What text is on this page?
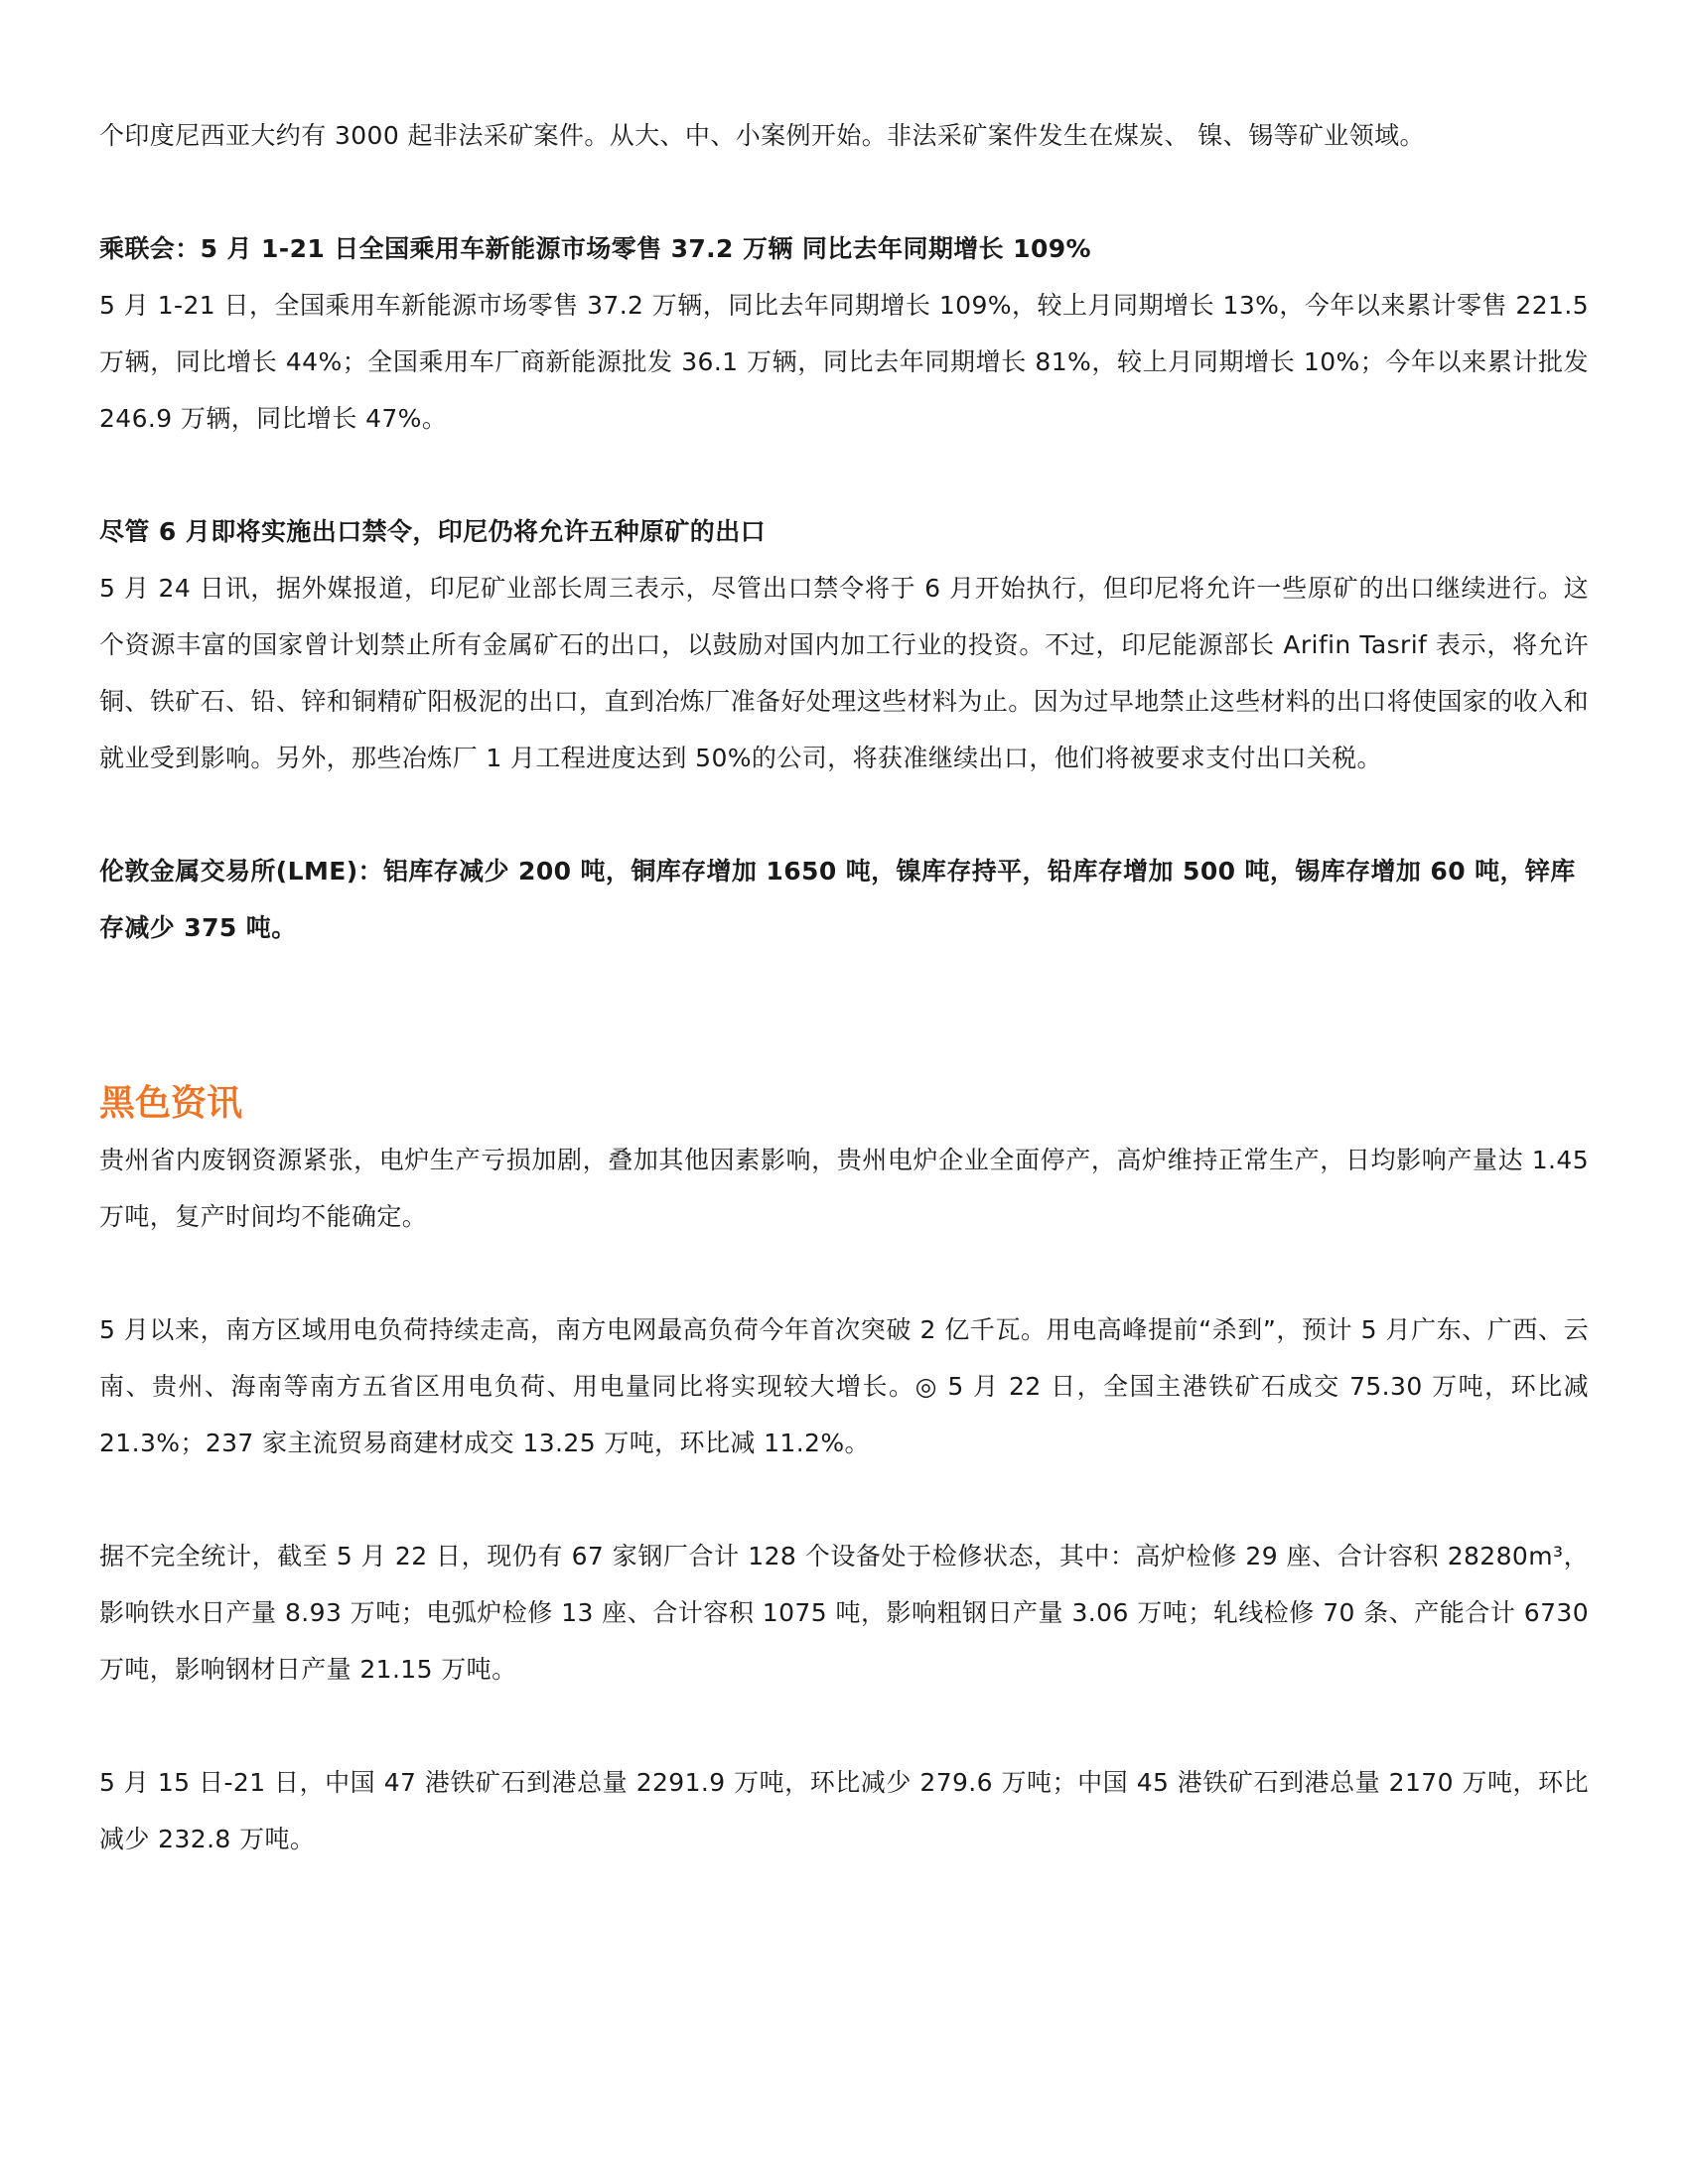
个印度尼西亚大约有 3000 起非法采矿案件。从大、中、小案例开始。非法采矿案件发生在煤炭、 镍、锡等矿业领域。

乘联会：5 月 1-21 日全国乘用车新能源市场零售 37.2 万辆 同比去年同期增长 109%

5 月 1-21 日，全国乘用车新能源市场零售 37.2 万辆，同比去年同期增长 109%，较上月同期增长 13%，今年以来累计零售 221.5 万辆，同比增长 44%；全国乘用车厂商新能源批发 36.1 万辆，同比去年同期增长 81%，较上月同期增长 10%；今年以来累计批发 246.9 万辆，同比增长 47%。

尽管 6 月即将实施出口禁令，印尼仍将允许五种原矿的出口

5 月 24 日讯，据外媒报道，印尼矿业部长周三表示，尽管出口禁令将于 6 月开始执行，但印尼将允许一些原矿的出口继续进行。这个资源丰富的国家曾计划禁止所有金属矿石的出口，以鼓励对国内加工行业的投资。不过，印尼能源部长 Arifin Tasrif 表示，将允许铜、铁矿石、铅、锌和铜精矿阳极泥的出口，直到冶炼厂准备好处理这些材料为止。因为过早地禁止这些材料的出口将使国家的收入和就业受到影响。另外，那些冶炼厂 1 月工程进度达到 50%的公司，将获准继续出口，他们将被要求支付出口关税。

伦敦金属交易所(LME)：铝库存减少 200 吨，铜库存增加 1650 吨，镍库存持平，铅库存增加 500 吨，锡库存增加 60 吨，锌库存减少 375 吨。

黑色资讯

贵州省内废钢资源紧张，电炉生产亏损加剧，叠加其他因素影响，贵州电炉企业全面停产，高炉维持正常生产，日均影响产量达 1.45 万吨，复产时间均不能确定。

5 月以来，南方区域用电负荷持续走高，南方电网最高负荷今年首次突破 2 亿千瓦。用电高峰提前“杀到”，预计 5 月广东、广西、云南、贵州、海南等南方五省区用电负荷、用电量同比将实现较大增长。◎ 5 月 22 日，全国主港铁矿石成交 75.30 万吨，环比减 21.3%；237 家主流贸易商建材成交 13.25 万吨，环比减 11.2%。

据不完全统计，截至 5 月 22 日，现仍有 67 家钢厂合计 128 个设备处于检修状态，其中：高炉检修 29 座、合计容积 28280m³，影响铁水日产量 8.93 万吨；电弧炉检修 13 座、合计容积 1075 吨，影响粗钢日产量 3.06 万吨；轧线检修 70 条、产能合计 6730 万吨，影响钢材日产量 21.15 万吨。

5 月 15 日-21 日，中国 47 港铁矿石到港总量 2291.9 万吨，环比减少 279.6 万吨；中国 45 港铁矿石到港总量 2170 万吨，环比减少 232.8 万吨。
